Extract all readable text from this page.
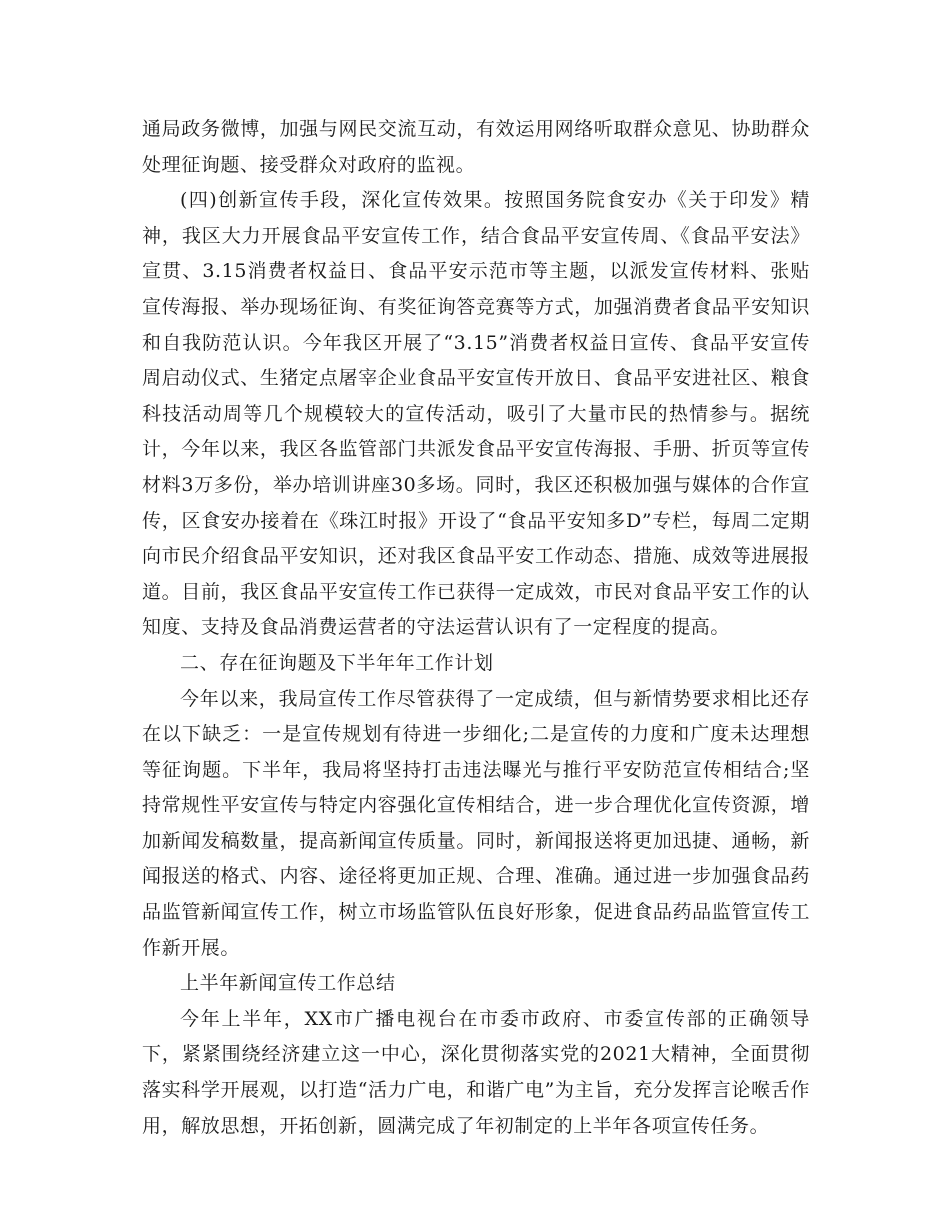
通局政务微博，加强与网民交流互动，有效运用网络听取群众意见、协助群众处理征询题、接受群众对政府的监视。

(四)创新宣传手段，深化宣传效果。按照国务院食安办《关于印发》精神，我区大力开展食品平安宣传工作，结合食品平安宣传周、《食品平安法》宣贯、3.15消费者权益日、食品平安示范市等主题，以派发宣传材料、张贴宣传海报、举办现场征询、有奖征询答竞赛等方式，加强消费者食品平安知识和自我防范认识。今年我区开展了“3.15”消费者权益日宣传、食品平安宣传周启动仪式、生猪定点屠宰企业食品平安宣传开放日、食品平安进社区、粮食科技活动周等几个规模较大的宣传活动，吸引了大量市民的热情参与。据统计，今年以来，我区各监管部门共派发食品平安宣传海报、手册、折页等宣传材料3万多份，举办培训讲座30多场。同时，我区还积极加强与媒体的合作宣传，区食安办接着在《珠江时报》开设了“食品平安知多D”专栏，每周二定期向市民介绍食品平安知识，还对我区食品平安工作动态、措施、成效等进展报道。目前，我区食品平安宣传工作已获得一定成效，市民对食品平安工作的认知度、支持及食品消费运营者的守法运营认识有了一定程度的提高。

二、存在征询题及下半年年工作计划

今年以来，我局宣传工作尽管获得了一定成绩，但与新情势要求相比还存在以下缺乏：一是宣传规划有待进一步细化;二是宣传的力度和广度未达理想等征询题。下半年，我局将坚持打击违法曝光与推行平安防范宣传相结合;坚持常规性平安宣传与特定内容强化宣传相结合，进一步合理优化宣传资源，增加新闻发稿数量，提高新闻宣传质量。同时，新闻报送将更加迅捷、通畅，新闻报送的格式、内容、途径将更加正规、合理、准确。通过进一步加强食品药品监管新闻宣传工作，树立市场监管队伍良好形象，促进食品药品监管宣传工作新开展。

上半年新闻宣传工作总结

今年上半年，XX市广播电视台在市委市政府、市委宣传部的正确领导下，紧紧围绕经济建立这一中心，深化贯彻落实党的2021大精神，全面贯彻落实科学开展观，以打造“活力广电，和谐广电”为主旨，充分发挥言论喉舌作用，解放思想，开拓创新，圆满完成了年初制定的上半年各项宣传任务。
